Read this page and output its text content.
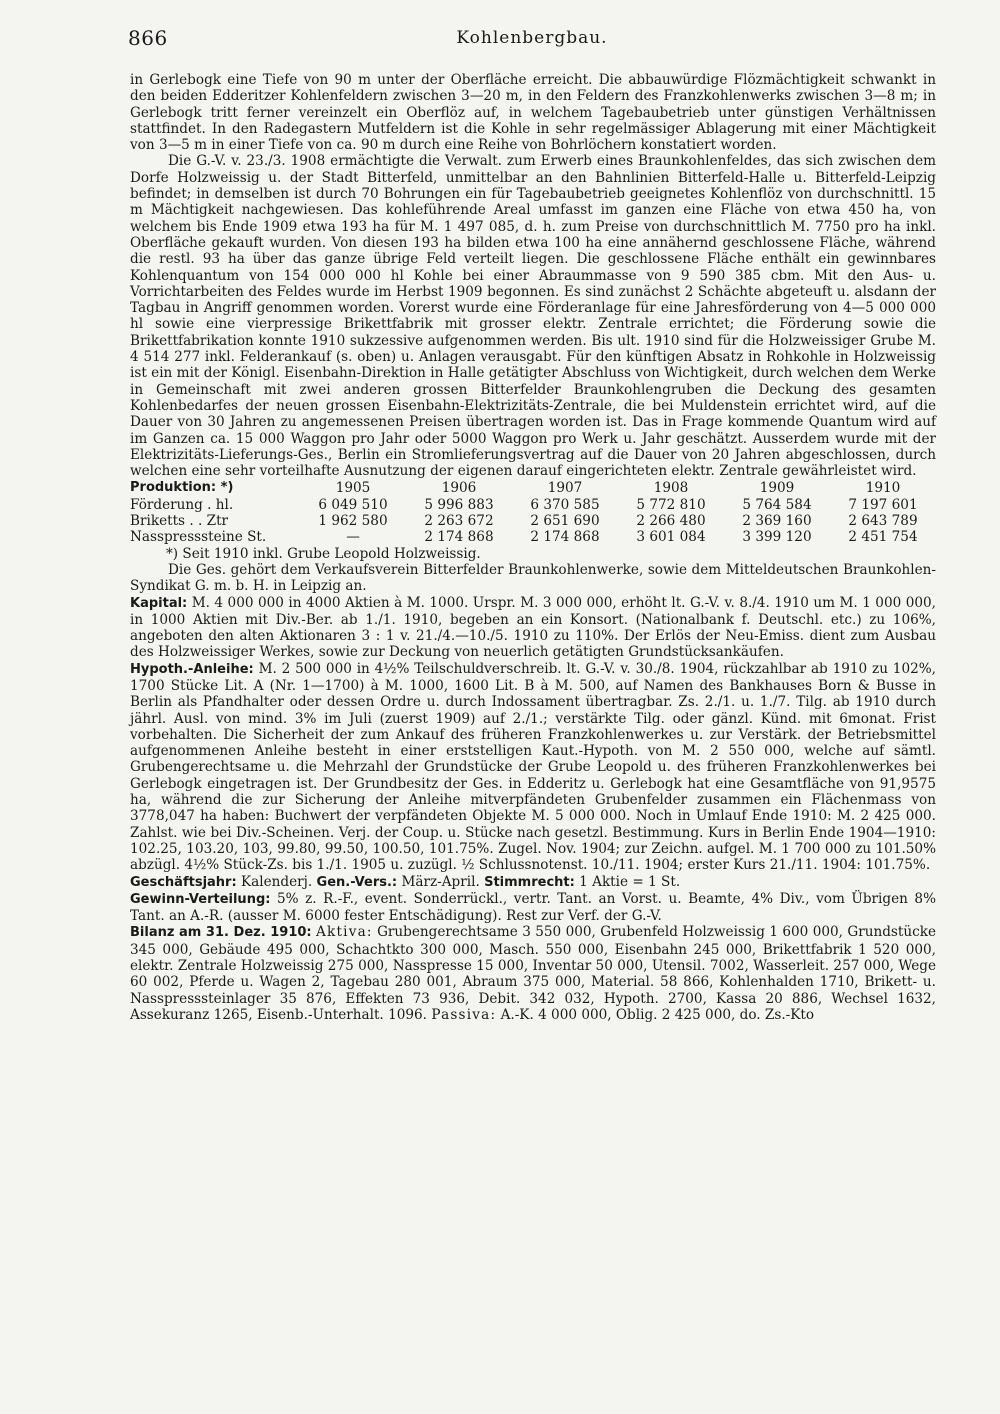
866	Kohlenbergbau.

in Gerlebogk eine Tiefe von 90 m unter der Oberfläche erreicht. Die abbauwürdige Flözmächtigkeit schwankt in den beiden Edderitzer Kohlenfeldern zwischen 3—20 m, in den Feldern des Franzkohlenwerks zwischen 3—8 m; in Gerlebogk tritt ferner vereinzelt ein Oberflöz auf, in welchem Tagebaubetrieb unter günstigen Verhältnissen stattfindet. In den Radegastern Mutfeldern ist die Kohle in sehr regelmässiger Ablagerung mit einer Mächtigkeit von 3—5 m in einer Tiefe von ca. 90 m durch eine Reihe von Bohrlöchern konstatiert worden.

Die G.-V. v. 23./3. 1908 ermächtigte die Verwalt. zum Erwerb eines Braunkohlenfeldes, das sich zwischen dem Dorfe Holzweissig u. der Stadt Bitterfeld, unmittelbar an den Bahnlinien Bitterfeld-Halle u. Bitterfeld-Leipzig befindet; in demselben ist durch 70 Bohrungen ein für Tagebaubetrieb geeignetes Kohlenflöz von durchschnittl. 15 m Mächtigkeit nachgewiesen. Das kohleführende Areal umfasst im ganzen eine Fläche von etwa 450 ha, von welchem bis Ende 1909 etwa 193 ha für M. 1 497 085, d. h. zum Preise von durchschnittlich M. 7750 pro ha inkl. Oberfläche gekauft wurden. Von diesen 193 ha bilden etwa 100 ha eine annähernd geschlossene Fläche, während die restl. 93 ha über das ganze übrige Feld verteilt liegen. Die geschlossene Fläche enthält ein gewinnbares Kohlenquantum von 154 000 000 hl Kohle bei einer Abraummasse von 9 590 385 cbm. Mit den Aus- u. Vorrichtarbeiten des Feldes wurde im Herbst 1909 begonnen. Es sind zunächst 2 Schächte abgeteuft u. alsdann der Tagbau in Angriff genommen worden. Vorerst wurde eine Förderanlage für eine Jahresförderung von 4—5 000 000 hl sowie eine vierpressige Brikettfabrik mit grosser elektr. Zentrale errichtet; die Förderung sowie die Brikettfabrikation konnte 1910 sukzessive aufgenommen werden. Bis ult. 1910 sind für die Holzweissiger Grube M. 4 514 277 inkl. Felderankauf (s. oben) u. Anlagen verausgabt. Für den künftigen Absatz in Rohkohle in Holzweissig ist ein mit der Königl. Eisenbahn-Direktion in Halle getätigter Abschluss von Wichtigkeit, durch welchen dem Werke in Gemeinschaft mit zwei anderen grossen Bitterfelder Braunkohlengruben die Deckung des gesamten Kohlenbedarfes der neuen grossen Eisenbahn-Elektrizitäts-Zentrale, die bei Muldenstein errichtet wird, auf die Dauer von 30 Jahren zu angemessenen Preisen übertragen worden ist. Das in Frage kommende Quantum wird auf im Ganzen ca. 15 000 Waggon pro Jahr oder 5000 Waggon pro Werk u. Jahr geschätzt. Ausserdem wurde mit der Elektrizitäts-Lieferungs-Ges., Berlin ein Stromlieferungsvertrag auf die Dauer von 20 Jahren abgeschlossen, durch welchen eine sehr vorteilhafte Ausnutzung der eigenen darauf eingerichteten elektr. Zentrale gewährleistet wird.

Produktion: *)	1905	1906	1907	1908	1909	1910
Förderung . hl.	6 049 510	5 996 883	6 370 585	5 772 810	5 764 584	7 197 601
Briketts . . Ztr	1 962 580	2 263 672	2 651 690	2 266 480	2 369 160	2 643 789
Nasspresssteine St.	—	2 174 868	2 174 868	3 601 084	3 399 120	2 451 754

*) Seit 1910 inkl. Grube Leopold Holzweissig.

Die Ges. gehört dem Verkaufsverein Bitterfelder Braunkohlenwerke, sowie dem Mitteldeutschen Braunkohlen-Syndikat G. m. b. H. in Leipzig an.

Kapital: M. 4 000 000 in 4000 Aktien à M. 1000. Urspr. M. 3 000 000, erhöht lt. G.-V. v. 8./4. 1910 um M. 1 000 000, in 1000 Aktien mit Div.-Ber. ab 1./1. 1910, begeben an ein Konsort. (Nationalbank f. Deutschl. etc.) zu 106%, angeboten den alten Aktionaren 3 : 1 v. 21./4.—10./5. 1910 zu 110%. Der Erlös der Neu-Emiss. dient zum Ausbau des Holzweissiger Werkes, sowie zur Deckung von neuerlich getätigten Grundstücksankäufen.

Hypoth.-Anleihe: M. 2 500 000 in 4½% Teilschuldverschreib. lt. G.-V. v. 30./8. 1904, rückzahlbar ab 1910 zu 102%, 1700 Stücke Lit. A (Nr. 1—1700) à M. 1000, 1600 Lit. B à M. 500, auf Namen des Bankhauses Born & Busse in Berlin als Pfandhalter oder dessen Ordre u. durch Indossament übertragbar. Zs. 2./1. u. 1./7. Tilg. ab 1910 durch jährl. Ausl. von mind. 3% im Juli (zuerst 1909) auf 2./1.; verstärkte Tilg. oder gänzl. Künd. mit 6monat. Frist vorbehalten. Die Sicherheit der zum Ankauf des früheren Franzkohlenwerkes u. zur Verstärk. der Betriebsmittel aufgenommenen Anleihe besteht in einer erststelligen Kaut.-Hypoth. von M. 2 550 000, welche auf sämtl. Grubengerechtsame u. die Mehrzahl der Grundstücke der Grube Leopold u. des früheren Franzkohlenwerkes bei Gerlebogk eingetragen ist. Der Grundbesitz der Ges. in Edderitz u. Gerlebogk hat eine Gesamtfläche von 91,9575 ha, während die zur Sicherung der Anleihe mitverpfändeten Grubenfelder zusammen ein Flächenmass von 3778,047 ha haben: Buchwert der verpfändeten Objekte M. 5 000 000. Noch in Umlauf Ende 1910: M. 2 425 000. Zahlst. wie bei Div.-Scheinen. Verj. der Coup. u. Stücke nach gesetzl. Bestimmung. Kurs in Berlin Ende 1904—1910: 102.25, 103.20, 103, 99.80, 99.50, 100.50, 101.75%. Zugel. Nov. 1904; zur Zeichn. aufgel. M. 1 700 000 zu 101.50% abzügl. 4½% Stück-Zs. bis 1./1. 1905 u. zuzügl. ½ Schlussnotenst. 10./11. 1904; erster Kurs 21./11. 1904: 101.75%.

Geschäftsjahr: Kalenderj. Gen.-Vers.: März-April. Stimmrecht: 1 Aktie = 1 St.

Gewinn-Verteilung: 5% z. R.-F., event. Sonderrückl., vertr. Tant. an Vorst. u. Beamte, 4% Div., vom Übrigen 8% Tant. an A.-R. (ausser M. 6000 fester Entschädigung). Rest zur Verf. der G.-V.

Bilanz am 31. Dez. 1910: Aktiva: Grubengerechtsame 3 550 000, Grubenfeld Holzweissig 1 600 000, Grundstücke 345 000, Gebäude 495 000, Schachtkto 300 000, Masch. 550 000, Eisenbahn 245 000, Brikettfabrik 1 520 000, elektr. Zentrale Holzweissig 275 000, Nasspresse 15 000, Inventar 50 000, Utensil. 7002, Wasserleit. 257 000, Wege 60 002, Pferde u. Wagen 2, Tagebau 280 001, Abraum 375 000, Material. 58 866, Kohlenhalden 1710, Brikett- u. Nasspresssteinlager 35 876, Effekten 73 936, Debit. 342 032, Hypoth. 2700, Kassa 20 886, Wechsel 1632, Assekuranz 1265, Eisenb.-Unterhalt. 1096. Passiva: A.-K. 4 000 000, Oblig. 2 425 000, do. Zs.-Kto
